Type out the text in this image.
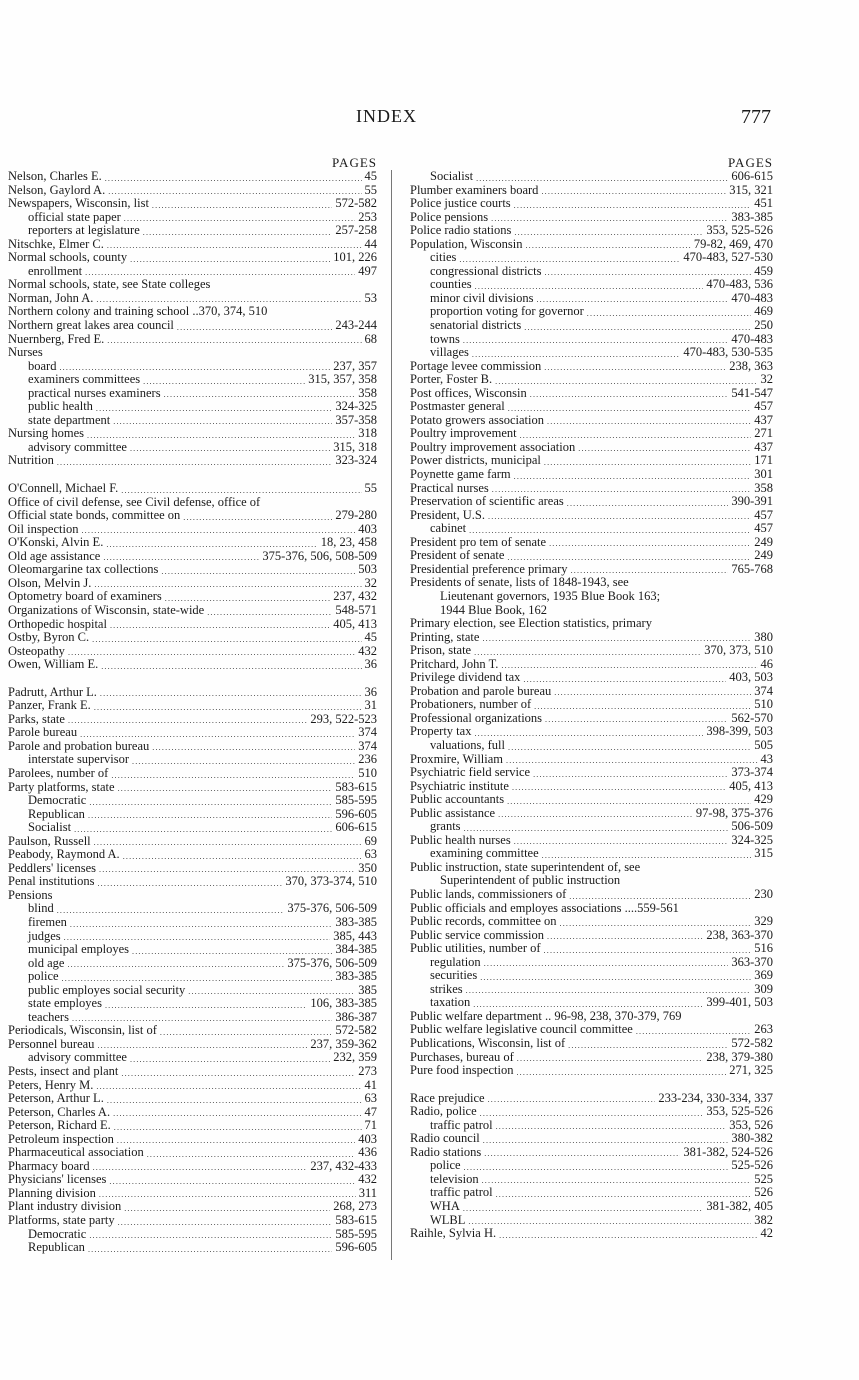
INDEX	777
PAGES
Nelson, Charles E. .....	45
Nelson, Gaylord A. .....	55
Newspapers, Wisconsin, list .....	572-582
official state paper .....	253
reporters at legislature .....	257-258
Nitschke, Elmer C. .....	44
Normal schools, county .....	101, 226
enrollment .....	497
Normal schools, state, see State colleges
Norman, John A. .....	53
Northern colony and training school .. 370, 374, 510
Northern great lakes area council .....	243-244
Nuernberg, Fred E. .....	68
Nurses
board .....	237, 357
examiners committees .....	315, 357, 358
practical nurses examiners .....	358
public health .....	324-325
state department .....	357-358
Nursing homes .....	318
advisory committee .....	315, 318
Nutrition .....	323-324
O'Connell, Michael F. .....	55
Office of civil defense, see Civil defense, office of
Official state bonds, committee on .....	279-280
Oil inspection .....	403
O'Konski, Alvin E. .....	18, 23, 458
Old age assistance .....	375-376, 506, 508-509
Oleomargarine tax collections .....	503
Olson, Melvin J. .....	32
Optometry board of examiners .....	237, 432
Organizations of Wisconsin, state-wide .....	548-571
Orthopedic hospital .....	405, 413
Ostby, Byron C. .....	45
Osteopathy .....	432
Owen, William E. .....	36
Padrutt, Arthur L. .....	36
Panzer, Frank E. .....	31
Parks, state .....	293, 522-523
Parole bureau .....	374
Parole and probation bureau .....	374
interstate supervisor .....	236
Parolees, number of .....	510
Party platforms, state .....	583-615
Democratic .....	585-595
Republican .....	596-605
Socialist .....	606-615
Paulson, Russell .....	69
Peabody, Raymond A. .....	63
Peddlers' licenses .....	350
Penal institutions .....	370, 373-374, 510
Pensions
blind .....	375-376, 506-509
firemen .....	383-385
judges .....	385, 443
municipal employes .....	384-385
old age .....	375-376, 506-509
police .....	383-385
public employes social security .....	385
state employes .....	106, 383-385
teachers .....	386-387
Periodicals, Wisconsin, list of .....	572-582
Personnel bureau .....	237, 359-362
advisory committee .....	232, 359
Pests, insect and plant .....	273
Peters, Henry M. .....	41
Peterson, Arthur L. .....	63
Peterson, Charles A. .....	47
Peterson, Richard E. .....	71
Petroleum inspection .....	403
Pharmaceutical association .....	436
Pharmacy board .....	237, 432-433
Physicians' licenses .....	432
Planning division .....	311
Plant industry division .....	268, 273
Platforms, state party .....	583-615
Democratic .....	585-595
Republican .....	596-605
PAGES
Socialist .....	606-615
Plumber examiners board .....	315, 321
Police justice courts .....	451
Police pensions .....	383-385
Police radio stations .....	353, 525-526
Population, Wisconsin .....	79-82, 469, 470
cities .....	470-483, 527-530
congressional districts .....	459
counties .....	470-483, 536
minor civil divisions .....	470-483
proportion voting for governor .....	469
senatorial districts .....	250
towns .....	470-483
villages .....	470-483, 530-535
Portage levee commission .....	238, 363
Porter, Foster B. .....	32
Post offices, Wisconsin .....	541-547
Postmaster general .....	457
Potato growers association .....	437
Poultry improvement .....	271
Poultry improvement association .....	437
Power districts, municipal .....	171
Poynette game farm .....	301
Practical nurses .....	358
Preservation of scientific areas .....	390-391
President, U.S. .....	457
cabinet .....	457
President pro tem of senate .....	249
President of senate .....	249
Presidential preference primary .....	765-768
Presidents of senate, lists of 1848-1943, see
Lieutenant governors, 1935 Blue Book 163;
1944 Blue Book, 162
Primary election, see Election statistics, primary
Printing, state .....	380
Prison, state .....	370, 373, 510
Pritchard, John T. .....	46
Privilege dividend tax .....	403, 503
Probation and parole bureau .....	374
Probationers, number of .....	510
Professional organizations .....	562-570
Property tax .....	398-399, 503
valuations, full .....	505
Proxmire, William .....	43
Psychiatric field service .....	373-374
Psychiatric institute .....	405, 413
Public accountants .....	429
Public assistance .....	97-98, 375-376
grants .....	506-509
Public health nurses .....	324-325
examining committee .....	315
Public instruction, state superintendent of, see
Superintendent of public instruction
Public lands, commissioners of .....	230
Public officials and employes associations .... 559-561
Public records, committee on .....	329
Public service commission .....	238, 363-370
Public utilities, number of .....	516
regulation .....	363-370
securities .....	369
strikes .....	309
taxation .....	399-401, 503
Public welfare department .. 96-98, 238, 370-379, 769
Public welfare legislative council committee .....	263
Publications, Wisconsin, list of .....	572-582
Purchases, bureau of .....	238, 379-380
Pure food inspection .....	271, 325
Race prejudice .....	233-234, 330-334, 337
Radio, police .....	353, 525-526
traffic patrol .....	353, 526
Radio council .....	380-382
Radio stations .....	381-382, 524-526
police .....	525-526
television .....	525
traffic patrol .....	526
WHA .....	381-382, 405
WLBL .....	382
Raihle, Sylvia H. .....	42
